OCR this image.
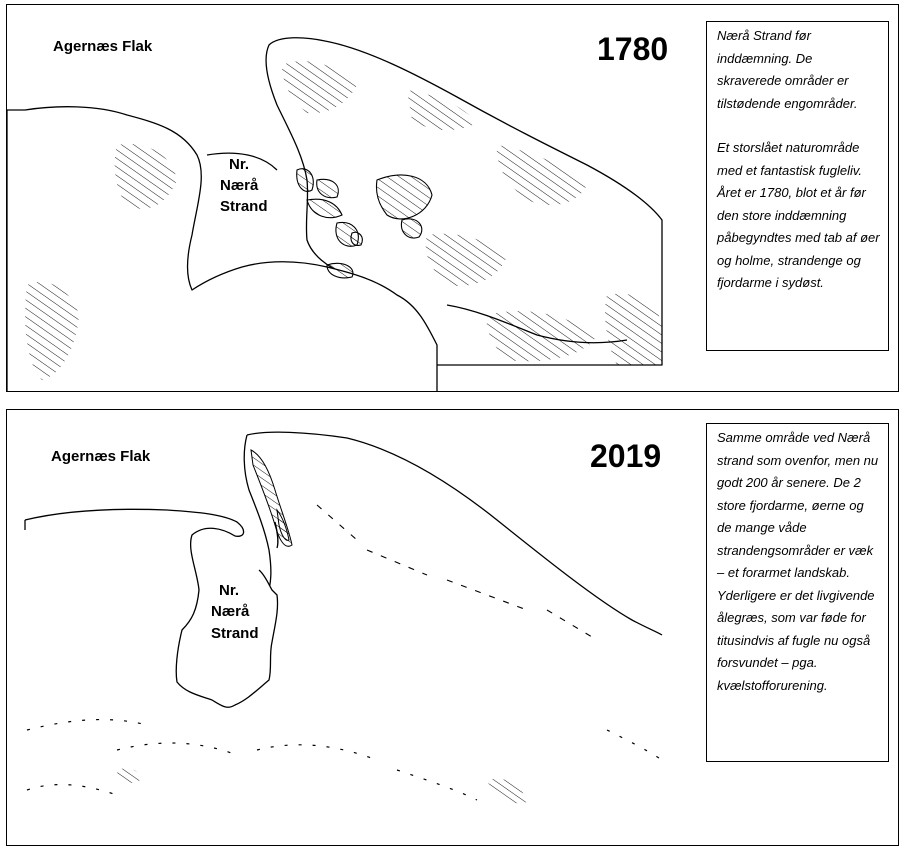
Agernæs Flak
Nr.
Nærå
Strand
1780	Nærå Strand før inddæmning. De skraverede områder er tilstødende engområder.

Et storslået naturområde med et fantastisk fugleliv. Året er 1780, blot et år før den store inddæmning påbegyndtes med tab af øer og holme, strandenge og fjordarme i sydøst.

Agernæs Flak
Nr.
Nærå
Strand
2019

Samme område ved Nærå strand som ovenfor, men nu godt 200 år senere. De 2 store fjordarme, øerne og de mange våde strandengsområder er væk – et forarmet landskab. Yderligere er det livgivende ålegræs, som var føde for titusindvis af fugle nu også forsvundet – pga. kvælstofforurening.
